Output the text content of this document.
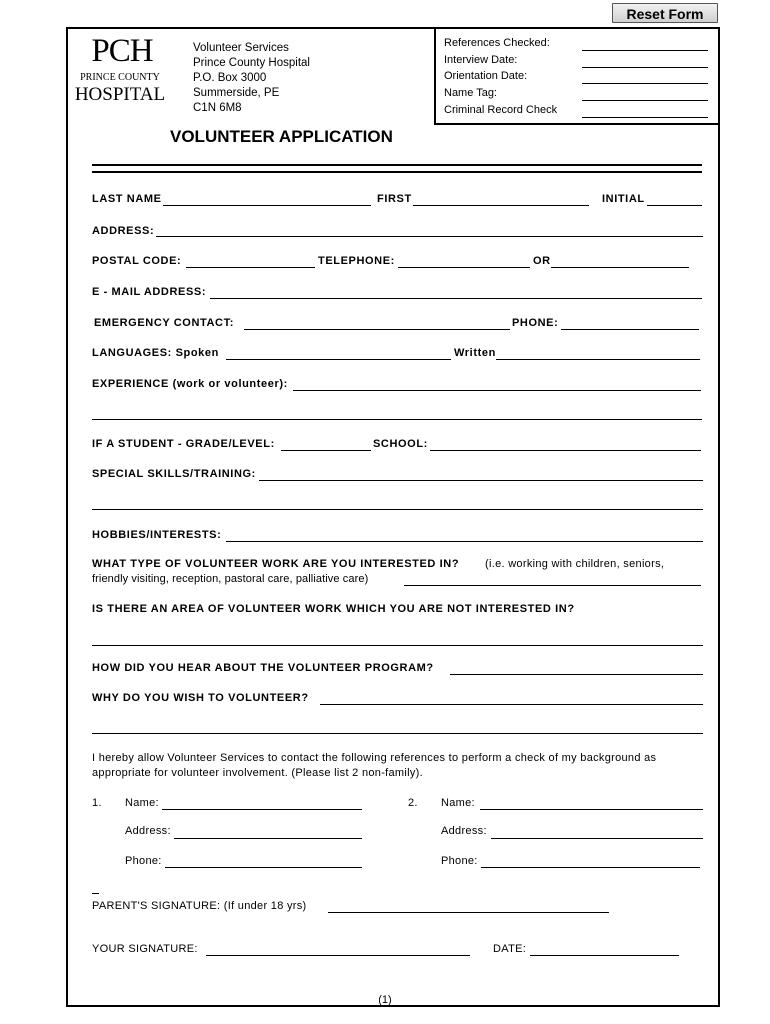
Reset Form
PCH
PRINCE COUNTY
HOSPITAL
Volunteer Services
Prince County Hospital
P.O. Box 3000
Summerside, PE
C1N 6M8
References Checked:
Interview Date:
Orientation Date:
Name Tag:
Criminal Record Check
VOLUNTEER APPLICATION
LAST NAME	FIRST	INITIAL
ADDRESS:
POSTAL CODE:	TELEPHONE:	OR
E - MAIL ADDRESS:
EMERGENCY CONTACT:	PHONE:
LANGUAGES: Spoken	Written
EXPERIENCE (work or volunteer):
IF A STUDENT - GRADE/LEVEL:	SCHOOL:
SPECIAL SKILLS/TRAINING:
HOBBIES/INTERESTS:
WHAT TYPE OF VOLUNTEER WORK ARE YOU INTERESTED IN? (i.e. working with children, seniors,
friendly visiting, reception, pastoral care, palliative care)
IS THERE AN AREA OF VOLUNTEER WORK WHICH YOU ARE NOT INTERESTED IN?
HOW DID YOU HEAR ABOUT THE VOLUNTEER PROGRAM?
WHY DO YOU WISH TO VOLUNTEER?
I hereby allow Volunteer Services to contact the following references to perform a check of my background as
appropriate for volunteer involvement. (Please list 2 non-family).
1. Name:
Address:
Phone:
2. Name:
Address:
Phone:
PARENT'S SIGNATURE: (If under 18 yrs)
YOUR SIGNATURE:	DATE:
(1)
